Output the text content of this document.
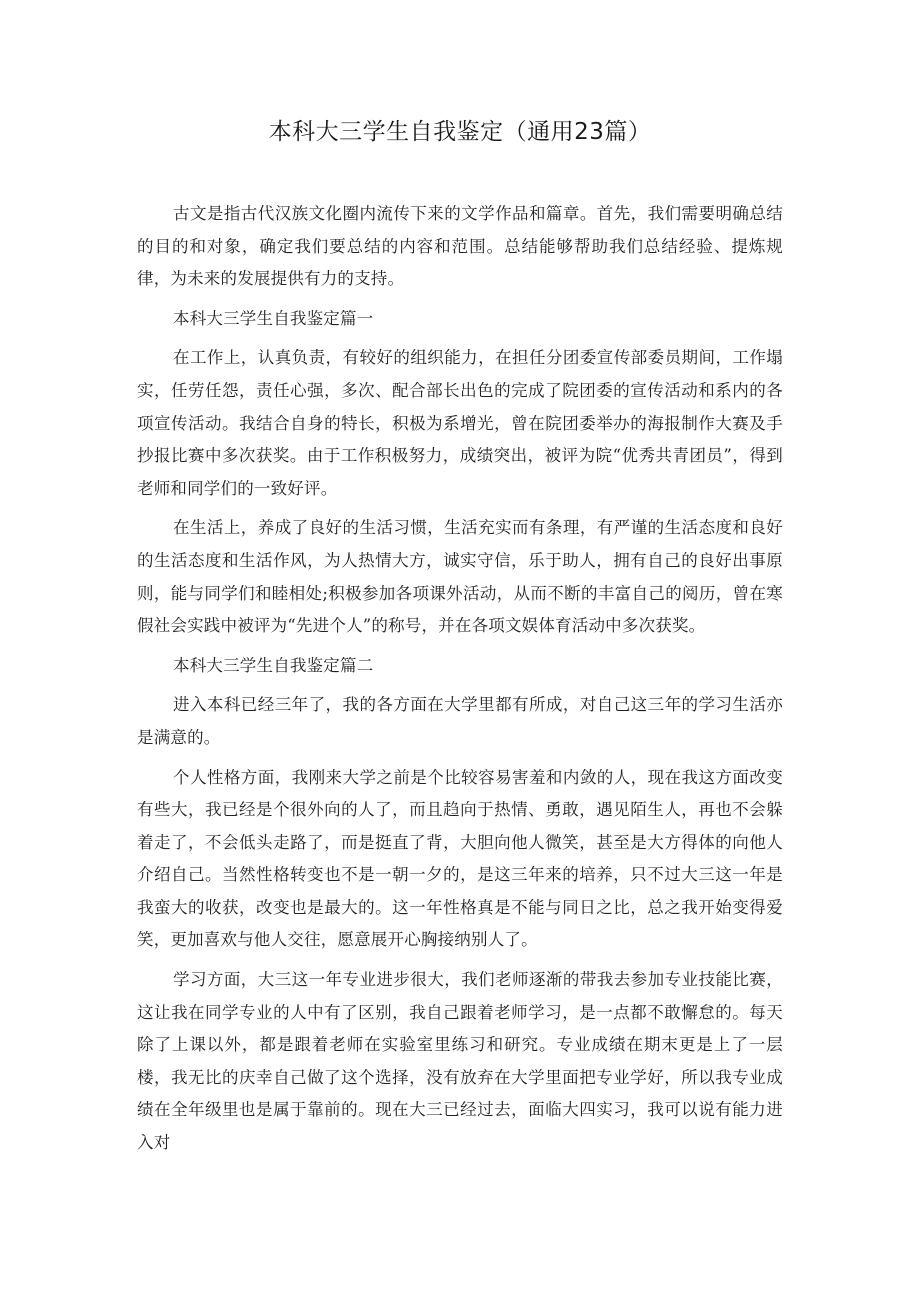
本科大三学生自我鉴定（通用23篇）

古文是指古代汉族文化圈内流传下来的文学作品和篇章。首先，我们需要明确总结的目的和对象，确定我们要总结的内容和范围。总结能够帮助我们总结经验、提炼规律，为未来的发展提供有力的支持。

本科大三学生自我鉴定篇一

在工作上，认真负责，有较好的组织能力，在担任分团委宣传部委员期间，工作塌实，任劳任怨，责任心强，多次、配合部长出色的完成了院团委的宣传活动和系内的各项宣传活动。我结合自身的特长，积极为系增光，曾在院团委举办的海报制作大赛及手抄报比赛中多次获奖。由于工作积极努力，成绩突出，被评为院“优秀共青团员”，得到老师和同学们的一致好评。

在生活上，养成了良好的生活习惯，生活充实而有条理，有严谨的生活态度和良好的生活态度和生活作风，为人热情大方，诚实守信，乐于助人，拥有自己的良好出事原则，能与同学们和睦相处;积极参加各项课外活动，从而不断的丰富自己的阅历，曾在寒假社会实践中被评为“先进个人”的称号，并在各项文娱体育活动中多次获奖。

本科大三学生自我鉴定篇二

进入本科已经三年了，我的各方面在大学里都有所成，对自己这三年的学习生活亦是满意的。

个人性格方面，我刚来大学之前是个比较容易害羞和内敛的人，现在我这方面改变有些大，我已经是个很外向的人了，而且趋向于热情、勇敢，遇见陌生人，再也不会躲着走了，不会低头走路了，而是挺直了背，大胆向他人微笑，甚至是大方得体的向他人介绍自己。当然性格转变也不是一朝一夕的，是这三年来的培养，只不过大三这一年是我蛮大的收获，改变也是最大的。这一年性格真是不能与同日之比，总之我开始变得爱笑，更加喜欢与他人交往，愿意展开心胸接纳别人了。

学习方面，大三这一年专业进步很大，我们老师逐渐的带我去参加专业技能比赛，这让我在同学专业的人中有了区别，我自己跟着老师学习，是一点都不敢懈怠的。每天除了上课以外，都是跟着老师在实验室里练习和研究。专业成绩在期末更是上了一层楼，我无比的庆幸自己做了这个选择，没有放弃在大学里面把专业学好，所以我专业成绩在全年级里也是属于靠前的。现在大三已经过去，面临大四实习，我可以说有能力进入对
